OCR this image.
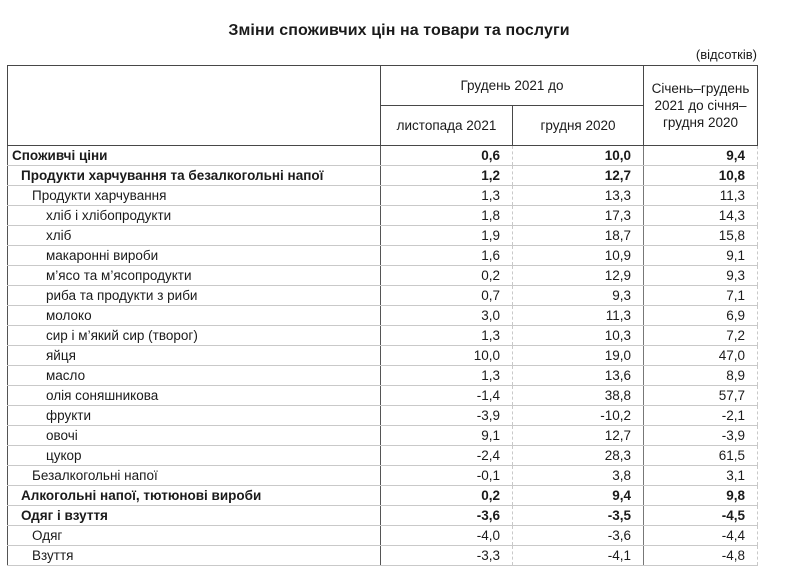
Зміни споживчих цін на товари та послуги
(відсотків)
	Грудень 2021 до		Січень–грудень 2021 до січня–грудня 2020
	листопада 2021	грудня 2020	
Споживчі ціни	0,6	10,0	9,4
Продукти харчування та безалкогольні напої	1,2	12,7	10,8
Продукти харчування	1,3	13,3	11,3
хліб і хлібопродукти	1,8	17,3	14,3
хліб	1,9	18,7	15,8
макаронні вироби	1,6	10,9	9,1
м’ясо та м’ясопродукти	0,2	12,9	9,3
риба та продукти з риби	0,7	9,3	7,1
молоко	3,0	11,3	6,9
сир і м’який сир (творог)	1,3	10,3	7,2
яйця	10,0	19,0	47,0
масло	1,3	13,6	8,9
олія соняшникова	-1,4	38,8	57,7
фрукти	-3,9	-10,2	-2,1
овочі	9,1	12,7	-3,9
цукор	-2,4	28,3	61,5
Безалкогольні напої	-0,1	3,8	3,1
Алкогольні напої, тютюнові вироби	0,2	9,4	9,8
Одяг і взуття	-3,6	-3,5	-4,5
Одяг	-4,0	-3,6	-4,4
Взуття	-3,3	-4,1	-4,8
